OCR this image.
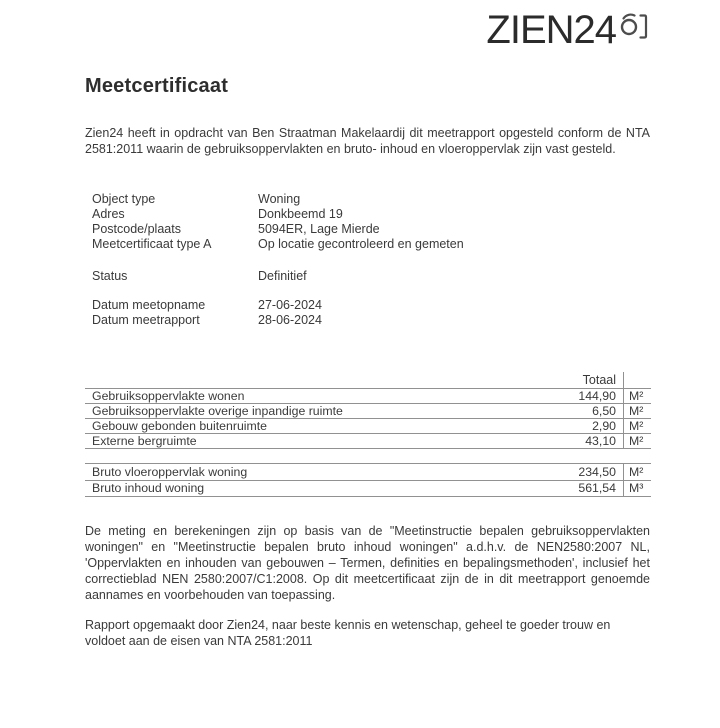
ZIEN24
Meetcertificaat

Zien24 heeft in opdracht van Ben Straatman Makelaardij dit meetrapport opgesteld conform de NTA 2581:2011 waarin de gebruiksoppervlakten en bruto- inhoud en vloeroppervlak zijn vast gesteld.

Object type	Woning
Adres	Donkbeemd 19
Postcode/plaats	5094ER, Lage Mierde
Meetcertificaat type A	Op locatie gecontroleerd en gemeten
Status	Definitief
Datum meetopname	27-06-2024
Datum meetrapport	28-06-2024
Totaal
Gebruiksoppervlakte wonen	144,90	M²
Gebruiksoppervlakte overige inpandige ruimte	6,50	M²
Gebouw gebonden buitenruimte	2,90	M²
Externe bergruimte	43,10	M²
Bruto vloeroppervlak woning	234,50	M²
Bruto inhoud woning	561,54	M³

De meting en berekeningen zijn op basis van de "Meetinstructie bepalen gebruiksoppervlakten woningen" en "Meetinstructie bepalen bruto inhoud woningen" a.d.h.v. de NEN2580:2007 NL, 'Oppervlakten en inhouden van gebouwen – Termen, definities en bepalingsmethoden', inclusief het correctieblad NEN 2580:2007/C1:2008. Op dit meetcertificaat zijn de in dit meetrapport genoemde aannames en voorbehouden van toepassing.

Rapport opgemaakt door Zien24, naar beste kennis en wetenschap, geheel te goeder trouw en voldoet aan de eisen van NTA 2581:2011
